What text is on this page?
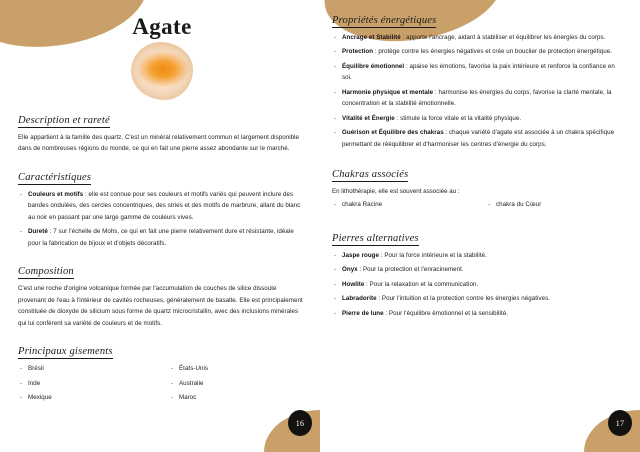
16
Agate
Description et rareté

Elle appartient à la famille des quartz. C'est un minéral relativement commun et largement disponible dans de nombreuses régions du monde, ce qui en fait une pierre assez abondante sur le marché.

Caractéristiques
- Couleurs et motifs : elle est connue pour ses couleurs et motifs variés qui peuvent inclure des bandes ondulées, des cercles concentriques, des stries et des motifs de marbrure, allant du blanc au noir en passant par une large gamme de couleurs vives.
- Dureté : 7 sur l'échelle de Mohs, ce qui en fait une pierre relativement dure et résistante, idéale pour la fabrication de bijoux et d'objets décoratifs.
Composition

C'est une roche d'origine volcanique formée par l'accumulation de couches de silice dissoute provenant de l'eau à l'intérieur de cavités rocheuses, généralement de basalte. Elle est principalement constituée de dioxyde de silicium sous forme de quartz microcristallin, avec des inclusions minérales qui lui confèrent sa variété de couleurs et de motifs.

Principaux gisements
- Brésil
- Inde
- Mexique
- États-Unis
- Australie
- Maroc
17
Propriétés énergétiques
- Ancrage et Stabilité : apporte l'ancrage, aidant à stabiliser et équilibrer les énergies du corps.
- Protection : protège contre les énergies négatives et crée un bouclier de protection énergétique.
- Équilibre émotionnel : apaise les émotions, favorise la paix intérieure et renforce la confiance en soi.
- Harmonie physique et mentale : harmonise les énergies du corps, favorise la clarté mentale, la concentration et la stabilité émotionnelle.
- Vitalité et Énergie : stimule la force vitale et la vitalité physique.
- Guérison et Équilibre des chakras : chaque variété d'agate est associée à un chakra spécifique permettant de rééquilibrer et d'harmoniser les centres d'énergie du corps.
Chakras associés

En lithothérapie, elle est souvent associée au :

- chakra Racine	- chakra du Cœur
Pierres alternatives
- Jaspe rouge : Pour la force intérieure et la stabilité.
- Onyx : Pour la protection et l'enracinement.
- Howlite : Pour la relaxation et la communication.
- Labradorite : Pour l'intuition et la protection contre les énergies négatives.
- Pierre de lune : Pour l'équilibre émotionnel et la sensibilité.
